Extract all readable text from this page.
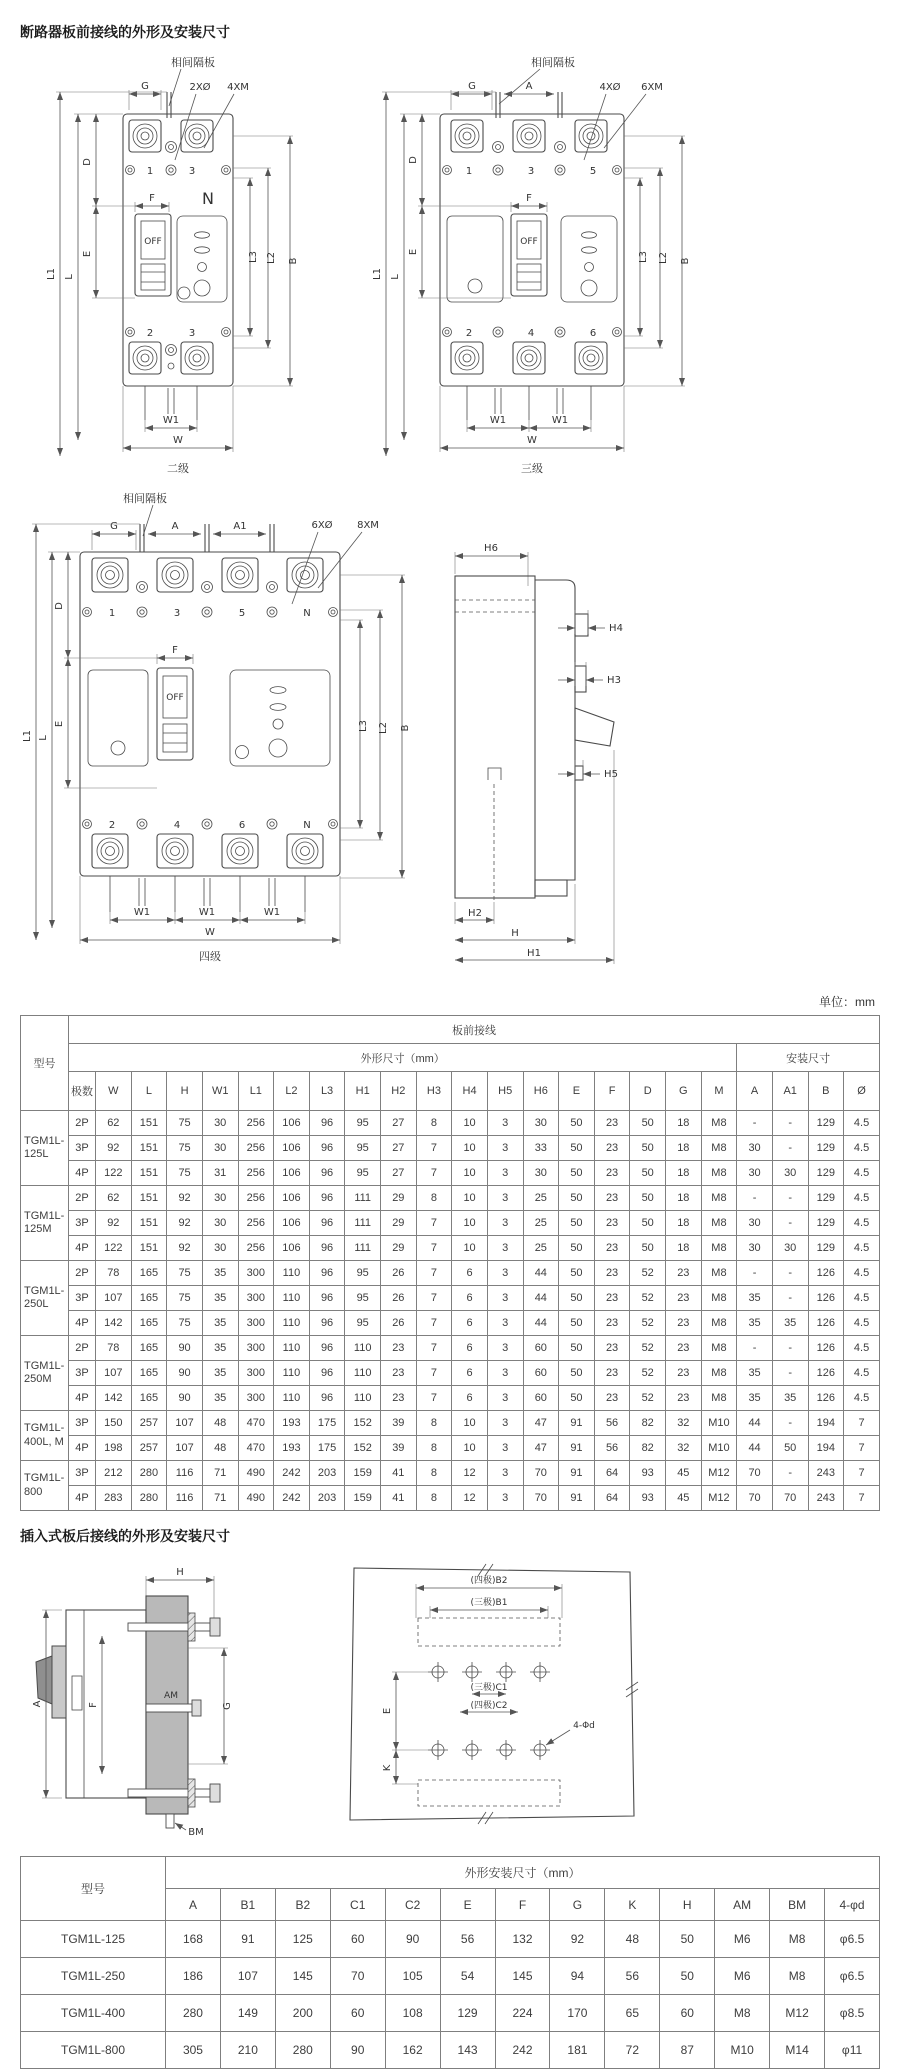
断路器板前接线的外形及安装尺寸
相间隔板
G	2XØ 4XM
1	3
N
F
OFF
2	3
L1 L
D
E	L3 L2 B
W1
W
二级
相间隔板
G	A	4XØ 6XM
1	3	5
F
OFF
2	4	6
L1 L
D
E	L3 L2 B
W1	W1
W
三级
相间隔板
G	A	A1	6XØ 8XM
1	3	5	N
F
OFF
2	4	6	N
L1 L
D
E	L3 L2 B
W1	W1	W1
W
四级
H6
H4
H3
H5
H2
H
H1
单位：mm
型号	板前接线																						
	外形尺寸（mm）																			安装尺寸			
	极数	W	L	H	W1	L1	L2	L3	H1	H2	H3	H4	H5	H6	E	F	D	G	M	A	A1	B	Ø
TGM1L-125L	2P	62	151	75	30	256	106	96	95	27	8	10	3	30	50	23	50	18	M8	-	-	129	4.5
	3P	92	151	75	30	256	106	96	95	27	7	10	3	33	50	23	50	18	M8	30	-	129	4.5
	4P	122	151	75	31	256	106	96	95	27	7	10	3	30	50	23	50	18	M8	30	30	129	4.5
TGM1L-125M	2P	62	151	92	30	256	106	96	111	29	8	10	3	25	50	23	50	18	M8	-	-	129	4.5
	3P	92	151	92	30	256	106	96	111	29	7	10	3	25	50	23	50	18	M8	30	-	129	4.5
	4P	122	151	92	30	256	106	96	111	29	7	10	3	25	50	23	50	18	M8	30	30	129	4.5
TGM1L-250L	2P	78	165	75	35	300	110	96	95	26	7	6	3	44	50	23	52	23	M8	-	-	126	4.5
	3P	107	165	75	35	300	110	96	95	26	7	6	3	44	50	23	52	23	M8	35	-	126	4.5
	4P	142	165	75	35	300	110	96	95	26	7	6	3	44	50	23	52	23	M8	35	35	126	4.5
TGM1L-250M	2P	78	165	90	35	300	110	96	110	23	7	6	3	60	50	23	52	23	M8	-	-	126	4.5
	3P	107	165	90	35	300	110	96	110	23	7	6	3	60	50	23	52	23	M8	35	-	126	4.5
	4P	142	165	90	35	300	110	96	110	23	7	6	3	60	50	23	52	23	M8	35	35	126	4.5
TGM1L-400L, M	3P	150	257	107	48	470	193	175	152	39	8	10	3	47	91	56	82	32	M10	44	-	194	7
	4P	198	257	107	48	470	193	175	152	39	8	10	3	47	91	56	82	32	M10	44	50	194	7
TGM1L-800	3P	212	280	116	71	490	242	203	159	41	8	12	3	70	91	64	93	45	M12	70	-	243	7
	4P	283	280	116	71	490	242	203	159	41	8	12	3	70	91	64	93	45	M12	70	70	243	7
插入式板后接线的外形及安装尺寸
H
AM
A	F	G
BM
(四极)B2
(三极)B1
(三极)C1
(四极)C2
4-Φd
E
K
型号	外形安装尺寸（mm）												
	A	B1	B2	C1	C2	E	F	G	K	H	AM	BM	4-φd
TGM1L-125	168	91	125	60	90	56	132	92	48	50	M6	M8	φ6.5
TGM1L-250	186	107	145	70	105	54	145	94	56	50	M6	M8	φ6.5
TGM1L-400	280	149	200	60	108	129	224	170	65	60	M8	M12	φ8.5
TGM1L-800	305	210	280	90	162	143	242	181	72	87	M10	M14	φ11
